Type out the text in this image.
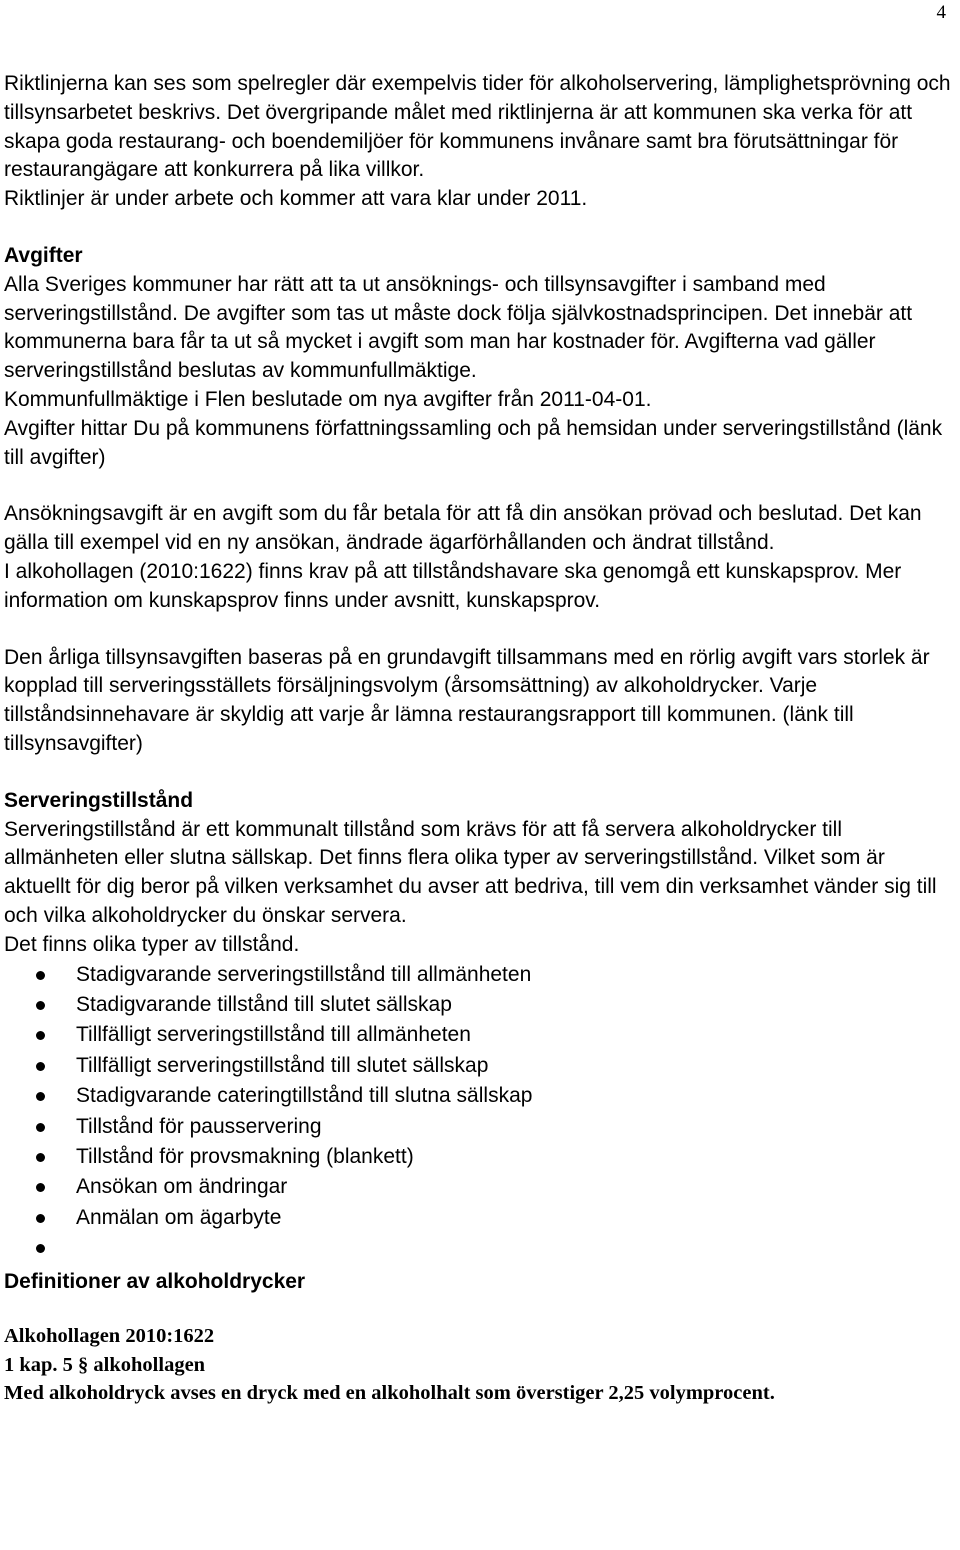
4

Riktlinjerna kan ses som spelregler där exempelvis tider för alkoholservering, lämplighetsprövning och tillsynsarbetet beskrivs. Det övergripande målet med riktlinjerna är att kommunen ska verka för att skapa goda restaurang- och boendemiljöer för kommunens invånare samt bra förutsättningar för restaurangägare att konkurrera på lika villkor.

Riktlinjer är under arbete och kommer att vara klar under 2011.

Avgifter

Alla Sveriges kommuner har rätt att ta ut ansöknings- och tillsynsavgifter i samband med serveringstillstånd. De avgifter som tas ut måste dock följa självkostnadsprincipen. Det innebär att kommunerna bara får ta ut så mycket i avgift som man har kostnader för. Avgifterna vad gäller serveringstillstånd beslutas av kommunfullmäktige.

Kommunfullmäktige i Flen beslutade om nya avgifter från 2011-04-01.

Avgifter hittar Du på kommunens författningssamling och på hemsidan under serveringstillstånd (länk till avgifter)

Ansökningsavgift är en avgift som du får betala för att få din ansökan prövad och beslutad. Det kan gälla till exempel vid en ny ansökan, ändrade ägarförhållanden och ändrat tillstånd.

I alkohollagen (2010:1622) finns krav på att tillståndshavare ska genomgå ett kunskapsprov. Mer information om kunskapsprov finns under avsnitt, kunskapsprov.

Den årliga tillsynsavgiften baseras på en grundavgift tillsammans med en rörlig avgift vars storlek är kopplad till serveringsställets försäljningsvolym (årsomsättning) av alkoholdrycker. Varje tillståndsinnehavare är skyldig att varje år lämna restaurangsrapport till kommunen. (länk till tillsynsavgifter)

Serveringstillstånd

Serveringstillstånd är ett kommunalt tillstånd som krävs för att få servera alkoholdrycker till allmänheten eller slutna sällskap. Det finns flera olika typer av serveringstillstånd. Vilket som är aktuellt för dig beror på vilken verksamhet du avser att bedriva, till vem din verksamhet vänder sig till och vilka alkoholdrycker du önskar servera.

Det finns olika typer av tillstånd.

Stadigvarande serveringstillstånd till allmänheten
Stadigvarande tillstånd till slutet sällskap
Tillfälligt serveringstillstånd till allmänheten
Tillfälligt serveringstillstånd till slutet sällskap
Stadigvarande cateringtillstånd till slutna sällskap
Tillstånd för pausservering
Tillstånd för provsmakning (blankett)
Ansökan om ändringar
Anmälan om ägarbyte

Definitioner av alkoholdrycker

Alkohollagen 2010:1622

1 kap. 5 § alkohollagen

Med alkoholdryck avses en dryck med en alkoholhalt som överstiger 2,25 volymprocent.
